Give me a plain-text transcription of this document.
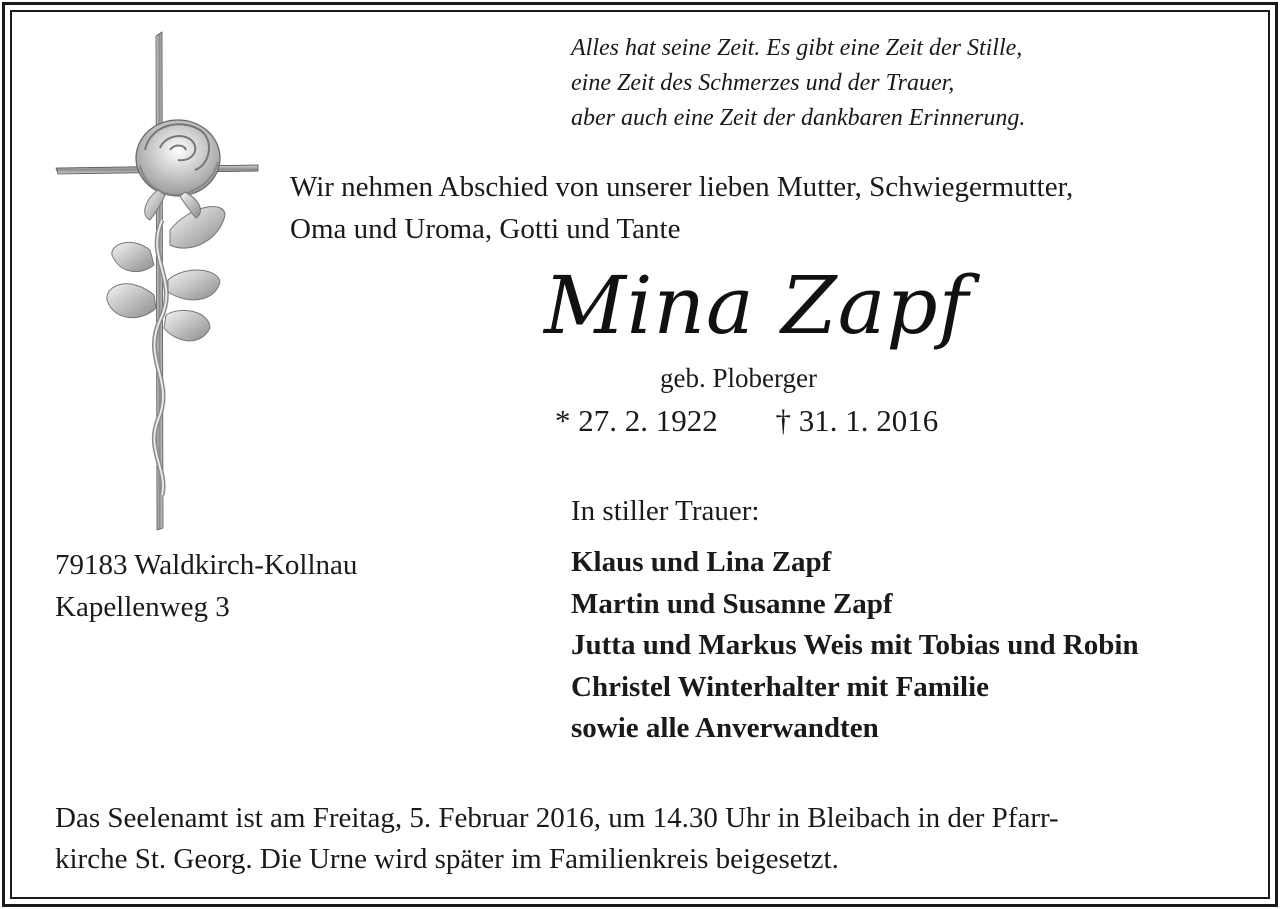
Alles hat seine Zeit. Es gibt eine Zeit der Stille,
eine Zeit des Schmerzes und der Trauer,
aber auch eine Zeit der dankbaren Erinnerung.
Wir nehmen Abschied von unserer lieben Mutter, Schwiegermutter,
Oma und Uroma, Gotti und Tante
Mina Zapf
geb. Ploberger
* 27. 2. 1922 † 31. 1. 2016
In stiller Trauer:
Klaus und Lina Zapf
Martin und Susanne Zapf
Jutta und Markus Weis mit Tobias und Robin
Christel Winterhalter mit Familie
sowie alle Anverwandten
79183 Waldkirch-Kollnau
Kapellenweg 3
Das Seelenamt ist am Freitag, 5. Februar 2016, um 14.30 Uhr in Bleibach in der Pfarr-
kirche St. Georg. Die Urne wird später im Familienkreis beigesetzt.
